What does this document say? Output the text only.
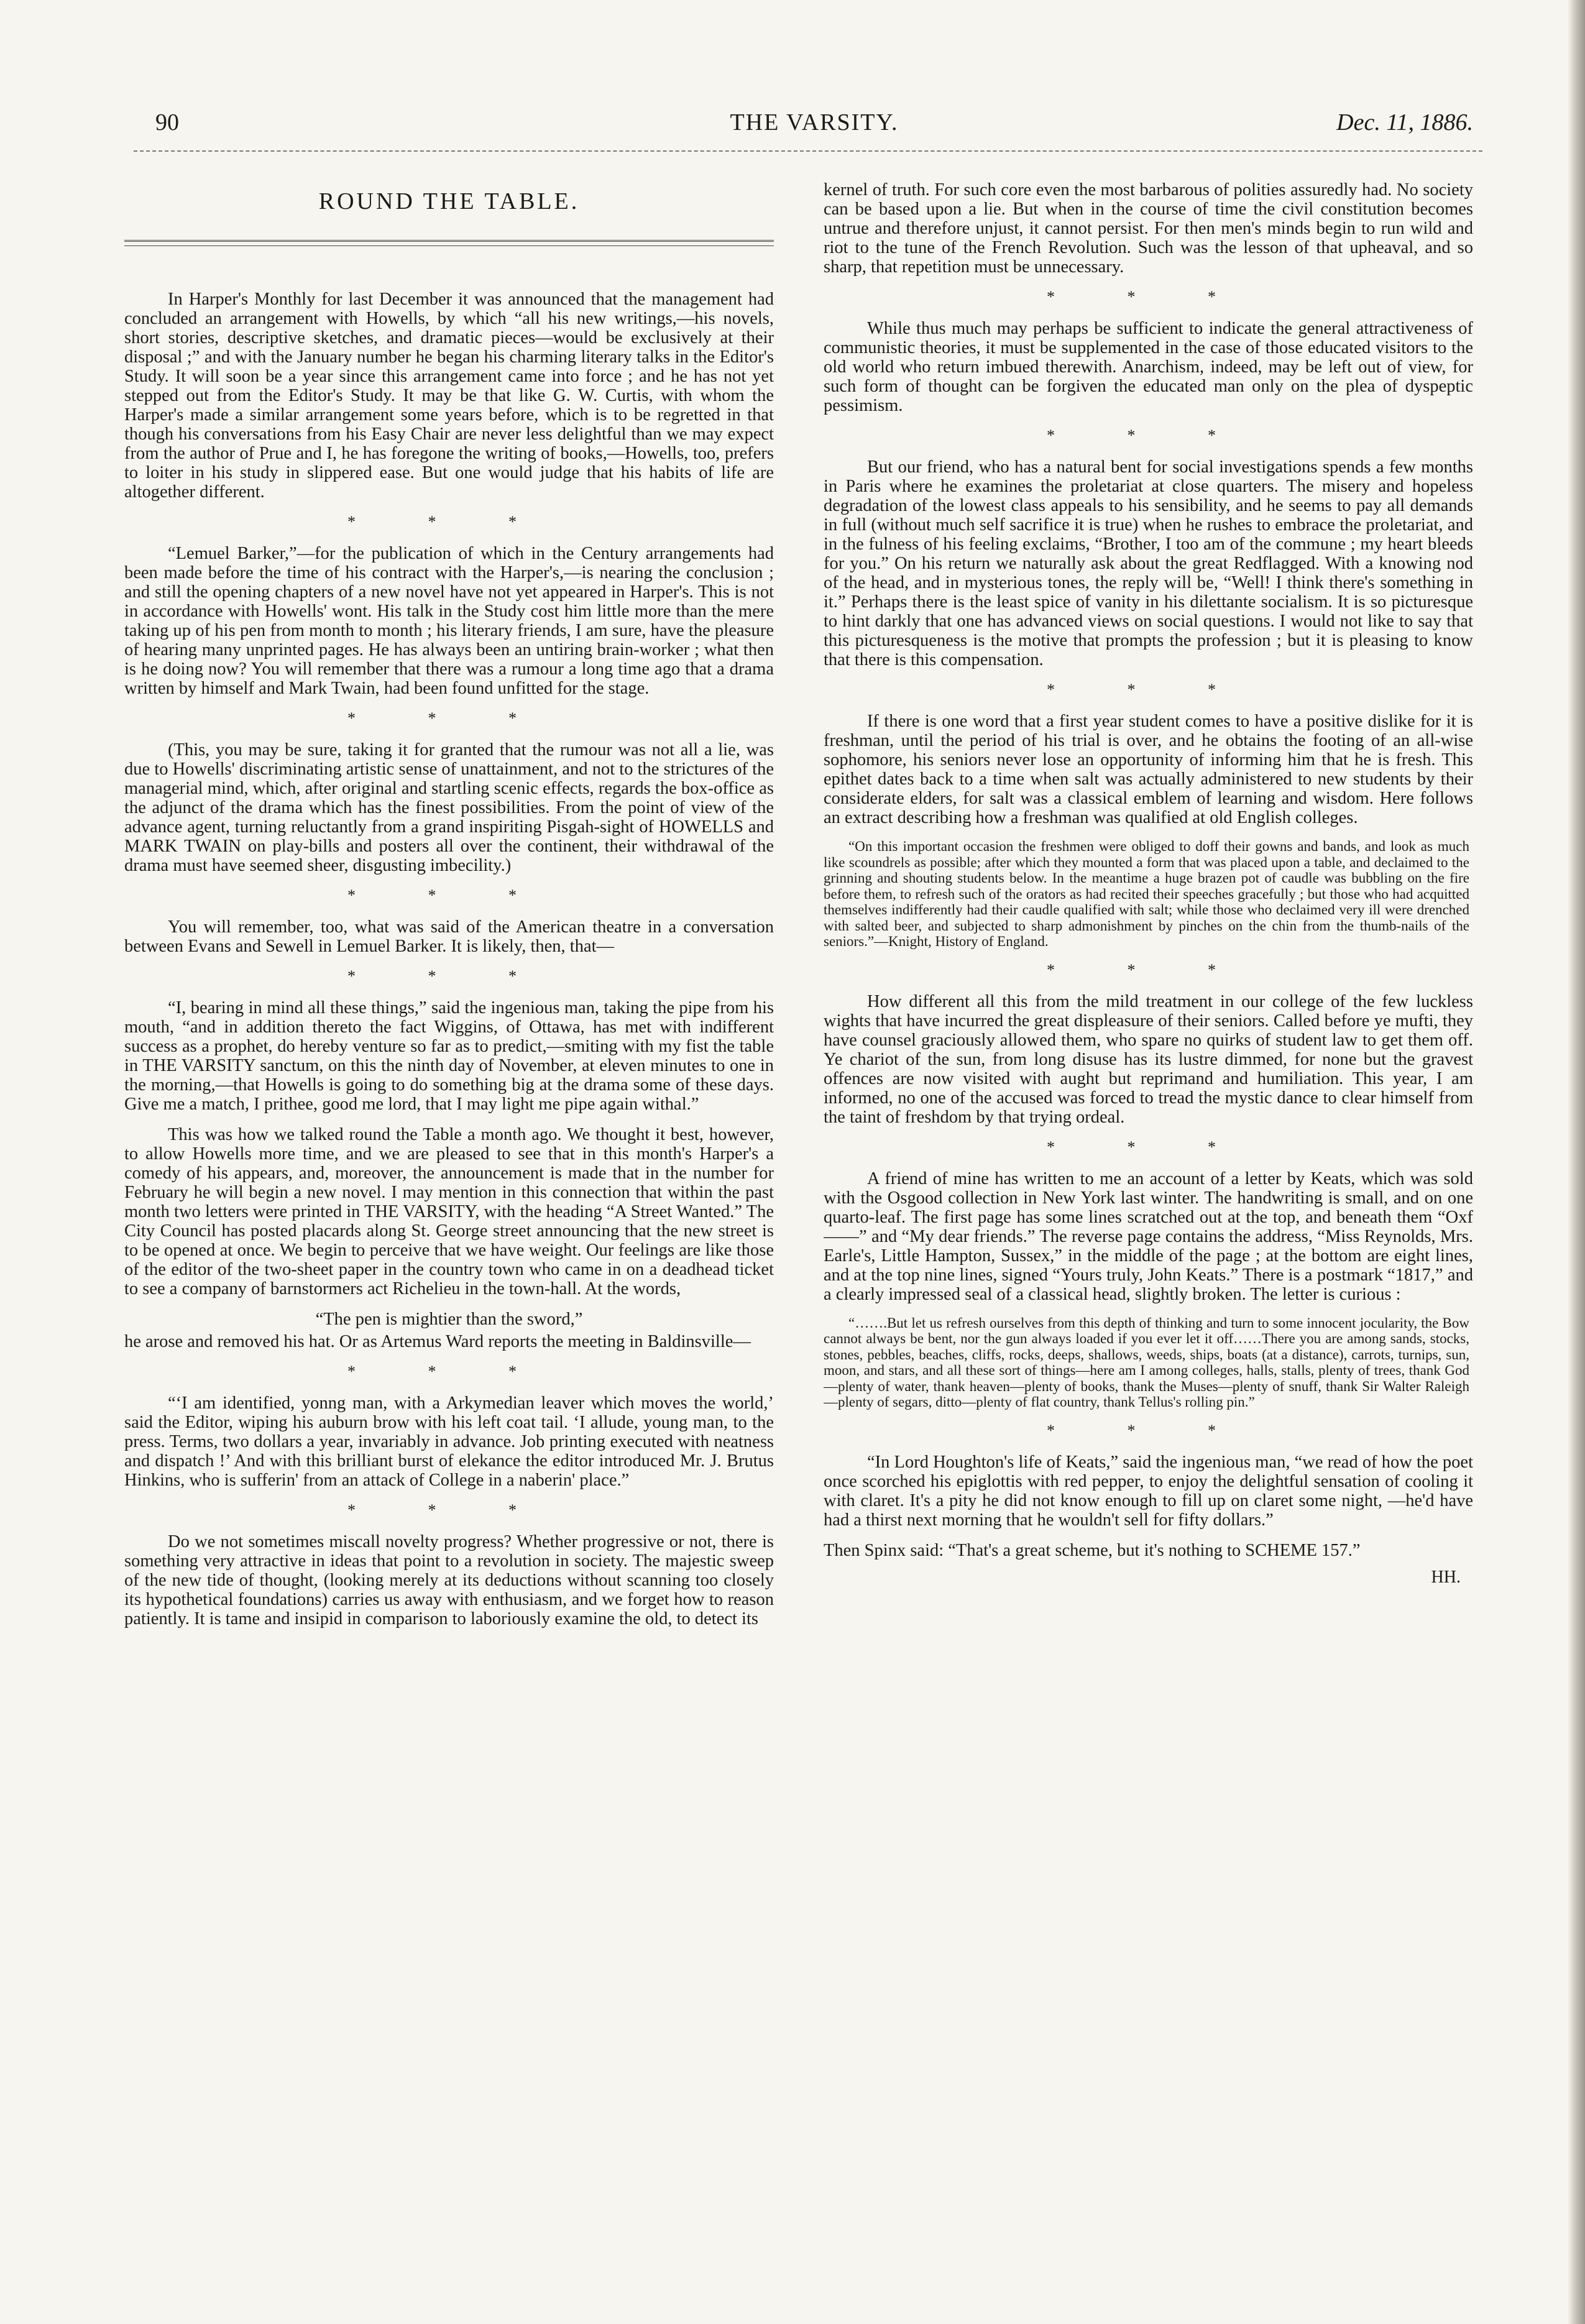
90	THE VARSITY.	Dec. 11, 1886.
ROUND THE TABLE.

In Harper's Monthly for last December it was announced that the management had concluded an arrangement with Howells, by which “all his new writings,—his novels, short stories, descriptive sketches, and dramatic pieces—would be exclusively at their disposal ;” and with the January number he began his charming literary talks in the Editor's Study. It will soon be a year since this arrangement came into force ; and he has not yet stepped out from the Editor's Study. It may be that like G. W. Curtis, with whom the Harper's made a similar arrangement some years before, which is to be regretted in that though his conversations from his Easy Chair are never less delightful than we may expect from the author of Prue and I, he has foregone the writing of books,—Howells, too, prefers to loiter in his study in slippered ease. But one would judge that his habits of life are altogether different.

* * *

“Lemuel Barker,”—for the publication of which in the Century arrangements had been made before the time of his contract with the Harper's,—is nearing the conclusion ; and still the opening chapters of a new novel have not yet appeared in Harper's. This is not in accordance with Howells' wont. His talk in the Study cost him little more than the mere taking up of his pen from month to month ; his literary friends, I am sure, have the pleasure of hearing many unprinted pages. He has always been an untiring brain-worker ; what then is he doing now? You will remember that there was a rumour a long time ago that a drama written by himself and Mark Twain, had been found unfitted for the stage.

* * *

(This, you may be sure, taking it for granted that the rumour was not all a lie, was due to Howells' discriminating artistic sense of unattainment, and not to the strictures of the managerial mind, which, after original and startling scenic effects, regards the box-office as the adjunct of the drama which has the finest possibilities. From the point of view of the advance agent, turning reluctantly from a grand inspiriting Pisgah-sight of HOWELLS and MARK TWAIN on play-bills and posters all over the continent, their withdrawal of the drama must have seemed sheer, disgusting imbecility.)

* * *

You will remember, too, what was said of the American theatre in a conversation between Evans and Sewell in Lemuel Barker. It is likely, then, that—

* * *

“I, bearing in mind all these things,” said the ingenious man, taking the pipe from his mouth, “and in addition thereto the fact Wiggins, of Ottawa, has met with indifferent success as a prophet, do hereby venture so far as to predict,—smiting with my fist the table in THE VARSITY sanctum, on this the ninth day of November, at eleven minutes to one in the morning,—that Howells is going to do something big at the drama some of these days. Give me a match, I prithee, good me lord, that I may light me pipe again withal.”

This was how we talked round the Table a month ago. We thought it best, however, to allow Howells more time, and we are pleased to see that in this month's Harper's a comedy of his appears, and, moreover, the announcement is made that in the number for February he will begin a new novel. I may mention in this connection that within the past month two letters were printed in THE VARSITY, with the heading “A Street Wanted.” The City Council has posted placards along St. George street announcing that the new street is to be opened at once. We begin to perceive that we have weight. Our feelings are like those of the editor of the two-sheet paper in the country town who came in on a deadhead ticket to see a company of barnstormers act Richelieu in the town-hall. At the words,

“The pen is mightier than the sword,”

he arose and removed his hat. Or as Artemus Ward reports the meeting in Baldinsville—

* * *

“‘I am identified, yonng man, with a Arkymedian leaver which moves the world,’ said the Editor, wiping his auburn brow with his left coat tail. ‘I allude, young man, to the press. Terms, two dollars a year, invariably in advance. Job printing executed with neatness and dispatch !’ And with this brilliant burst of elekance the editor introduced Mr. J. Brutus Hinkins, who is sufferin' from an attack of College in a naberin' place.”

* * *

Do we not sometimes miscall novelty progress? Whether progressive or not, there is something very attractive in ideas that point to a revolution in society. The majestic sweep of the new tide of thought, (looking merely at its deductions without scanning too closely its hypothetical foundations) carries us away with enthusiasm, and we forget how to reason patiently. It is tame and insipid in comparison to laboriously examine the old, to detect its

kernel of truth. For such core even the most barbarous of polities assuredly had. No society can be based upon a lie. But when in the course of time the civil constitution becomes untrue and therefore unjust, it cannot persist. For then men's minds begin to run wild and riot to the tune of the French Revolution. Such was the lesson of that upheaval, and so sharp, that repetition must be unnecessary.

* * *

While thus much may perhaps be sufficient to indicate the general attractiveness of communistic theories, it must be supplemented in the case of those educated visitors to the old world who return imbued therewith. Anarchism, indeed, may be left out of view, for such form of thought can be forgiven the educated man only on the plea of dyspeptic pessimism.

* * *

But our friend, who has a natural bent for social investigations spends a few months in Paris where he examines the proletariat at close quarters. The misery and hopeless degradation of the lowest class appeals to his sensibility, and he seems to pay all demands in full (without much self sacrifice it is true) when he rushes to embrace the proletariat, and in the fulness of his feeling exclaims, “Brother, I too am of the commune ; my heart bleeds for you.” On his return we naturally ask about the great Redflagged. With a knowing nod of the head, and in mysterious tones, the reply will be, “Well! I think there's something in it.” Perhaps there is the least spice of vanity in his dilettante socialism. It is so picturesque to hint darkly that one has advanced views on social questions. I would not like to say that this picturesqueness is the motive that prompts the profession ; but it is pleasing to know that there is this compensation.

* * *

If there is one word that a first year student comes to have a positive dislike for it is freshman, until the period of his trial is over, and he obtains the footing of an all-wise sophomore, his seniors never lose an opportunity of informing him that he is fresh. This epithet dates back to a time when salt was actually administered to new students by their considerate elders, for salt was a classical emblem of learning and wisdom. Here follows an extract describing how a freshman was qualified at old English colleges.

“On this important occasion the freshmen were obliged to doff their gowns and bands, and look as much like scoundrels as possible; after which they mounted a form that was placed upon a table, and declaimed to the grinning and shouting students below. In the meantime a huge brazen pot of caudle was bubbling on the fire before them, to refresh such of the orators as had recited their speeches gracefully ; but those who had acquitted themselves indifferently had their caudle qualified with salt; while those who declaimed very ill were drenched with salted beer, and subjected to sharp admonishment by pinches on the chin from the thumb-nails of the seniors.”—Knight, History of England.

* * *

How different all this from the mild treatment in our college of the few luckless wights that have incurred the great displeasure of their seniors. Called before ye mufti, they have counsel graciously allowed them, who spare no quirks of student law to get them off. Ye chariot of the sun, from long disuse has its lustre dimmed, for none but the gravest offences are now visited with aught but reprimand and humiliation. This year, I am informed, no one of the accused was forced to tread the mystic dance to clear himself from the taint of freshdom by that trying ordeal.

* * *

A friend of mine has written to me an account of a letter by Keats, which was sold with the Osgood collection in New York last winter. The handwriting is small, and on one quarto-leaf. The first page has some lines scratched out at the top, and beneath them “Oxf——” and “My dear friends.” The reverse page contains the address, “Miss Reynolds, Mrs. Earle's, Little Hampton, Sussex,” in the middle of the page ; at the bottom are eight lines, and at the top nine lines, signed “Yours truly, John Keats.” There is a postmark “1817,” and a clearly impressed seal of a classical head, slightly broken. The letter is curious :

“…….But let us refresh ourselves from this depth of thinking and turn to some innocent jocularity, the Bow cannot always be bent, nor the gun always loaded if you ever let it off……There you are among sands, stocks, stones, pebbles, beaches, cliffs, rocks, deeps, shallows, weeds, ships, boats (at a distance), carrots, turnips, sun, moon, and stars, and all these sort of things—here am I among colleges, halls, stalls, plenty of trees, thank God—plenty of water, thank heaven—plenty of books, thank the Muses—plenty of snuff, thank Sir Walter Raleigh—plenty of segars, ditto—plenty of flat country, thank Tellus's rolling pin.”

* * *

“In Lord Houghton's life of Keats,” said the ingenious man, “we read of how the poet once scorched his epiglottis with red pepper, to enjoy the delightful sensation of cooling it with claret. It's a pity he did not know enough to fill up on claret some night, —he'd have had a thirst next morning that he wouldn't sell for fifty dollars.”

Then Spinx said: “That's a great scheme, but it's nothing to SCHEME 157.”

HH.
